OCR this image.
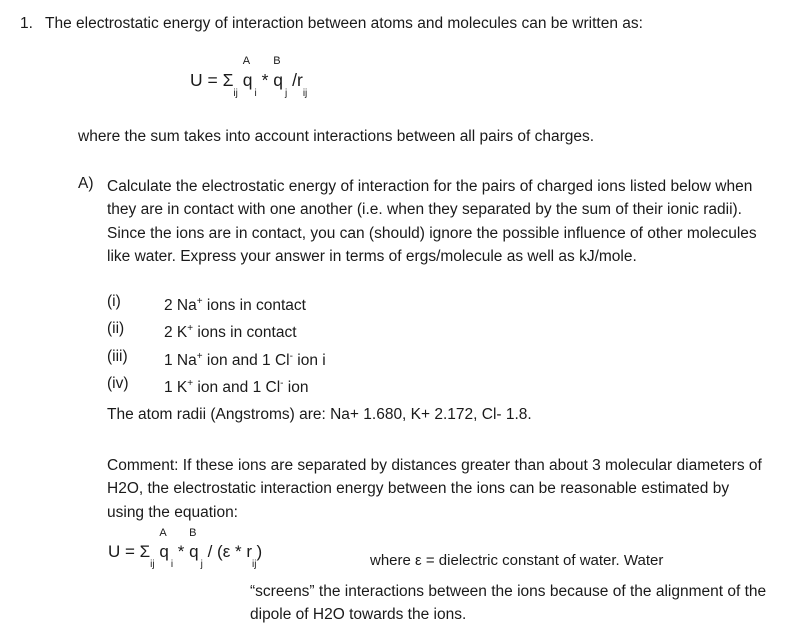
1. The electrostatic energy of interaction between atoms and molecules can be written as:
$U = \Sigma_{ij}$
A
$q_i$ *
B
$q_j$ $/r_{ij}$
where the sum takes into account interactions between all pairs of charges.
A) Calculate the electrostatic energy of interaction for the pairs of charged ions listed below when they are in contact with one another (i.e. when they separated by the sum of their ionic radii). Since the ions are in contact, you can (should) ignore the possible influence of other molecules like water. Express your answer in terms of ergs/molecule as well as kJ/mole.
(i)	2 Na+ ions in contact
(ii)	2 K+ ions in contact
(iii)	1 Na+ ion and 1 Cl- ion i
(iv)	1 K+ ion and 1 Cl- ion
The atom radii (Angstroms) are: Na+ 1.680, K+ 2.172, Cl- 1.8.
Comment: If these ions are separated by distances greater than about 3 molecular diameters of H2O, the electrostatic interaction energy between the ions can be reasonable estimated by using the equation:
$U = \Sigma_{ij}$
A
$q_i$ *
B
$q_j / (\varepsilon * r_{ij})$	where ε = dielectric constant of water. Water
“screens” the interactions between the ions because of the alignment of the dipole of H2O towards the ions.
